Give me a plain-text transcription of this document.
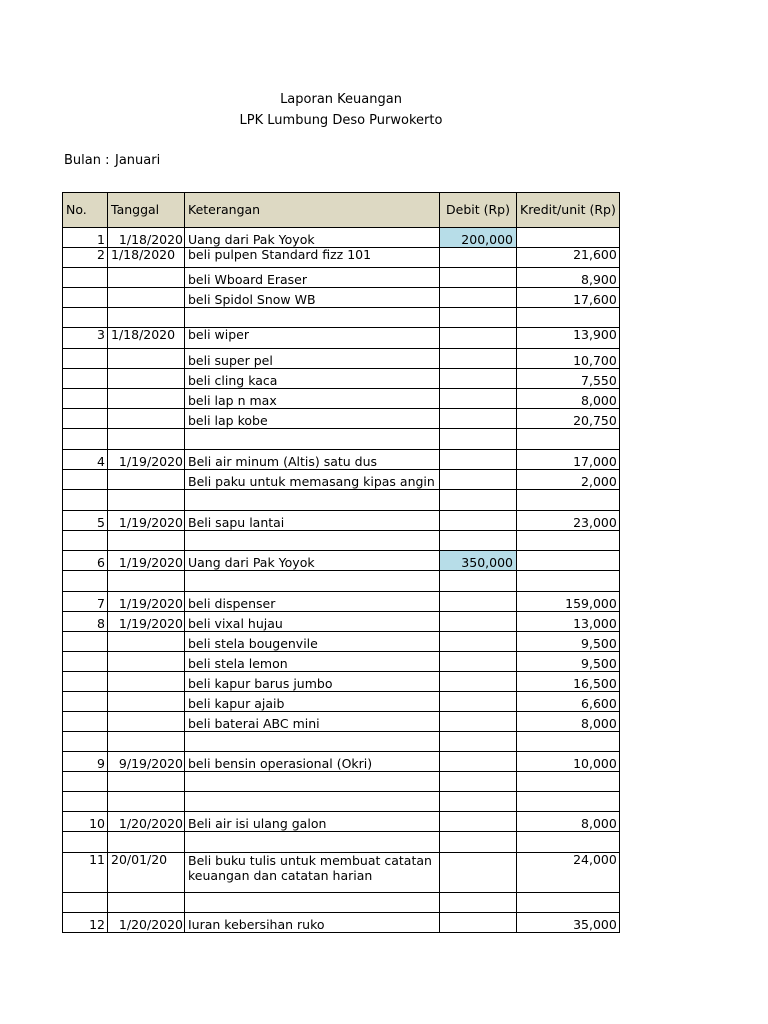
Laporan Keuangan
LPK Lumbung Deso Purwokerto
Bulan : Januari
No.	Tanggal	Keterangan	Debit (Rp)	Kredit/unit (Rp)
1	1/18/2020	Uang dari Pak Yoyok	200,000	
2	1/18/2020	beli pulpen Standard fizz 101		21,600
		beli Wboard Eraser		8,900
		beli Spidol Snow WB		17,600

3	1/18/2020	beli wiper		13,900
		beli super pel		10,700
		beli cling kaca		7,550
		beli lap n max		8,000
		beli lap kobe		20,750

4	1/19/2020	Beli air minum (Altis) satu dus		17,000
		Beli paku untuk memasang kipas angin		2,000

5	1/19/2020	Beli sapu lantai		23,000

6	1/19/2020	Uang dari Pak Yoyok	350,000	

7	1/19/2020	beli dispenser		159,000
8	1/19/2020	beli vixal hujau		13,000
		beli stela bougenvile		9,500
		beli stela lemon		9,500
		beli kapur barus jumbo		16,500
		beli kapur ajaib		6,600
		beli baterai ABC mini		8,000

9	9/19/2020	beli bensin operasional (Okri)		10,000

10	1/20/2020	Beli air isi ulang galon		8,000

11	20/01/20	Beli buku tulis untuk membuat catatan keuangan dan catatan harian		24,000

12	1/20/2020	Iuran kebersihan ruko		35,000
